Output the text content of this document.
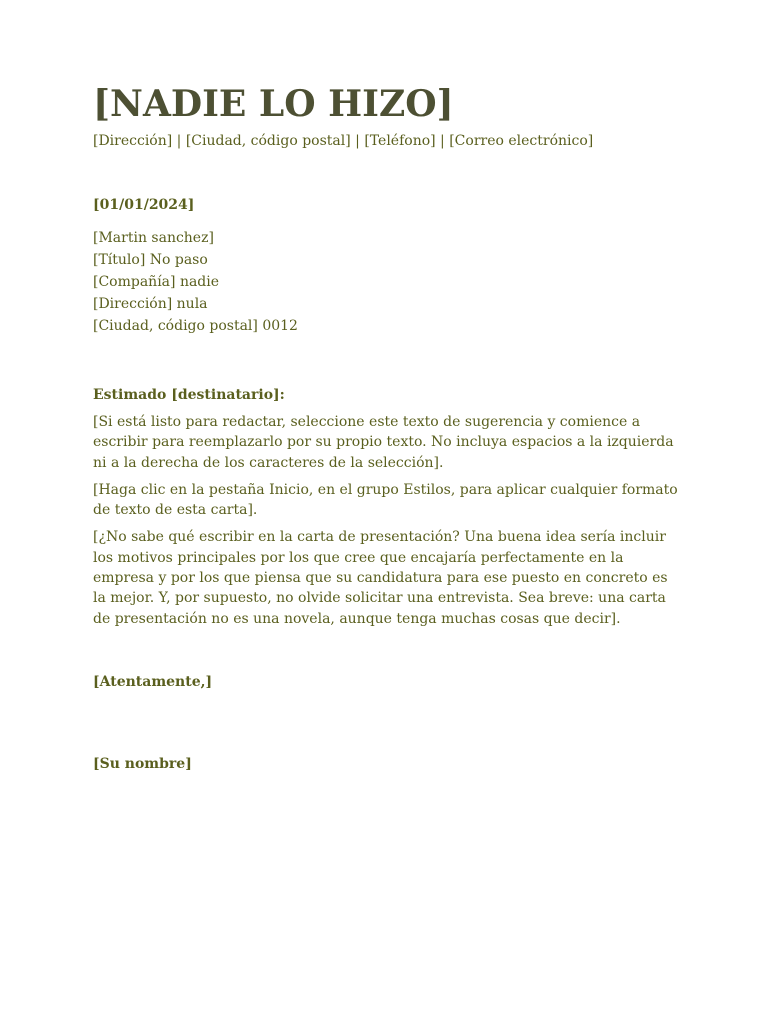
[NADIE LO HIZO]
[Dirección] | [Ciudad, código postal] | [Teléfono] | [Correo electrónico]
[01/01/2024]
[Martin sanchez]
[Título] No paso
[Compañía] nadie
[Dirección] nula
[Ciudad, código postal] 0012
Estimado [destinatario]:

[Si está listo para redactar, seleccione este texto de sugerencia y comience a escribir para reemplazarlo por su propio texto. No incluya espacios a la izquierda ni a la derecha de los caracteres de la selección].

[Haga clic en la pestaña Inicio, en el grupo Estilos, para aplicar cualquier formato de texto de esta carta].

[¿No sabe qué escribir en la carta de presentación? Una buena idea sería incluir los motivos principales por los que cree que encajaría perfectamente en la empresa y por los que piensa que su candidatura para ese puesto en concreto es la mejor. Y, por supuesto, no olvide solicitar una entrevista. Sea breve: una carta de presentación no es una novela, aunque tenga muchas cosas que decir].

[Atentamente,]
[Su nombre]
